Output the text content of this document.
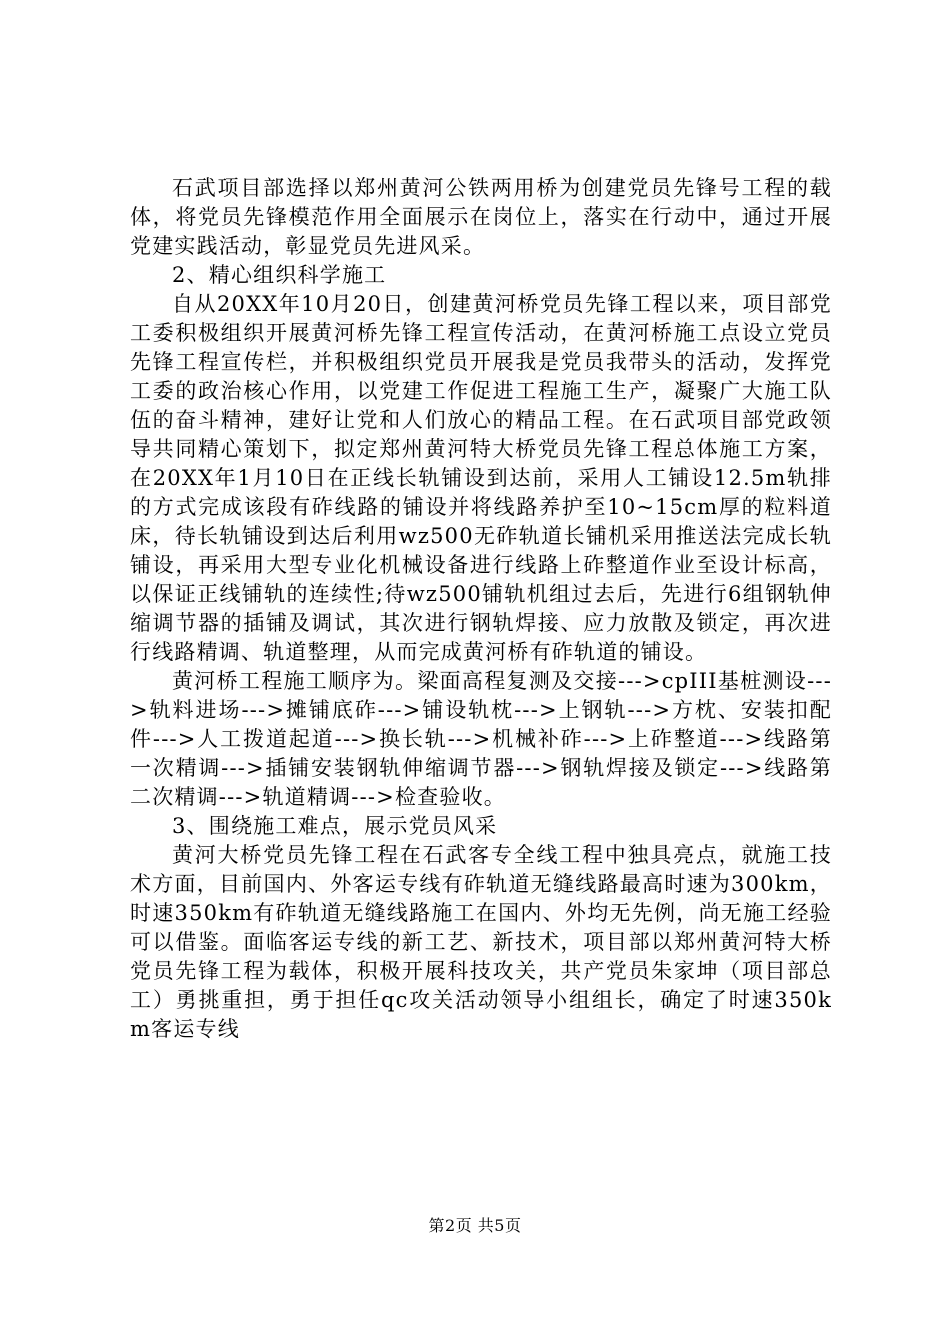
石武项目部选择以郑州黄河公铁两用桥为创建党员先锋号工程的载体，将党员先锋模范作用全面展示在岗位上，落实在行动中，通过开展党建实践活动，彰显党员先进风采。

2、精心组织科学施工

自从20XX年10月20日，创建黄河桥党员先锋工程以来，项目部党工委积极组织开展黄河桥先锋工程宣传活动，在黄河桥施工点设立党员先锋工程宣传栏，并积极组织党员开展我是党员我带头的活动，发挥党工委的政治核心作用，以党建工作促进工程施工生产，凝聚广大施工队伍的奋斗精神，建好让党和人们放心的精品工程。在石武项目部党政领导共同精心策划下，拟定郑州黄河特大桥党员先锋工程总体施工方案，在20XX年1月10日在正线长轨铺设到达前，采用人工铺设12.5m轨排的方式完成该段有砟线路的铺设并将线路养护至10~15cm厚的粒料道床，待长轨铺设到达后利用wz500无砟轨道长铺机采用推送法完成长轨铺设，再采用大型专业化机械设备进行线路上砟整道作业至设计标高，以保证正线铺轨的连续性;待wz500铺轨机组过去后，先进行6组钢轨伸缩调节器的插铺及调试，其次进行钢轨焊接、应力放散及锁定，再次进行线路精调、轨道整理，从而完成黄河桥有砟轨道的铺设。

黄河桥工程施工顺序为。梁面高程复测及交接--->cpIII基桩测设--->轨料进场--->摊铺底砟--->铺设轨枕--->上钢轨--->方枕、安装扣配件--->人工拨道起道--->换长轨--->机械补砟--->上砟整道--->线路第一次精调--->插铺安装钢轨伸缩调节器--->钢轨焊接及锁定--->线路第二次精调--->轨道精调--->检查验收。

3、围绕施工难点，展示党员风采

黄河大桥党员先锋工程在石武客专全线工程中独具亮点，就施工技术方面，目前国内、外客运专线有砟轨道无缝线路最高时速为300km，时速350km有砟轨道无缝线路施工在国内、外均无先例，尚无施工经验可以借鉴。面临客运专线的新工艺、新技术，项目部以郑州黄河特大桥党员先锋工程为载体，积极开展科技攻关，共产党员朱家坤（项目部总工）勇挑重担，勇于担任qc攻关活动领导小组组长，确定了时速350km客运专线

第2页 共5页
